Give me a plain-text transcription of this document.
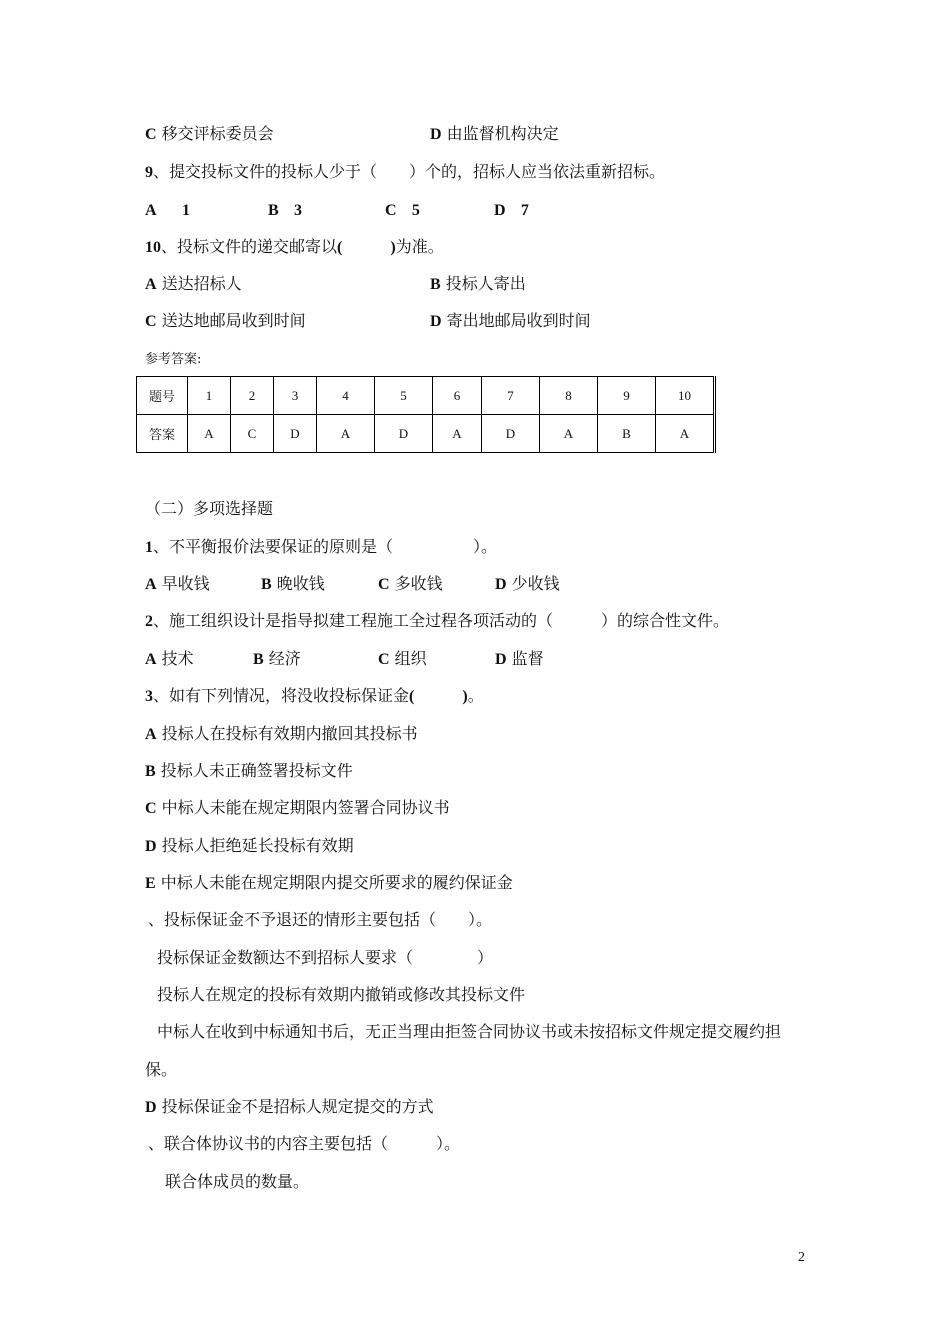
C 移交评标委员会	D 由监督机构决定
9、提交投标文件的投标人少于（　　）个的，招标人应当依法重新招标。
A 1	B 3	C 5	D 7
10、投标文件的递交邮寄以(　　　)为准。
A 送达招标人	B 投标人寄出
C 送达地邮局收到时间	D 寄出地邮局收到时间
参考答案:
题号	1	2	3	4	5	6	7	8	9	10
答案	A	C	D	A	D	A	D	A	B	A
（二）多项选择题
1、不平衡报价法要保证的原则是（　　　　　）。
A 早收钱	B 晚收钱	C 多收钱	D 少收钱
2、施工组织设计是指导拟建工程施工全过程各项活动的（　　　）的综合性文件。
A 技术	B 经济	C 组织	D 监督
3、如有下列情况，将没收投标保证金(　　　)。
A 投标人在投标有效期内撤回其投标书
B 投标人未正确签署投标文件
C 中标人未能在规定期限内签署合同协议书
D 投标人拒绝延长投标有效期
E 中标人未能在规定期限内提交所要求的履约保证金
、投标保证金不予退还的情形主要包括（　　）。
投标保证金数额达不到招标人要求（　　　　）
投标人在规定的投标有效期内撤销或修改其投标文件
中标人在收到中标通知书后，无正当理由拒签合同协议书或未按招标文件规定提交履约担
保。
D 投标保证金不是招标人规定提交的方式
、联合体协议书的内容主要包括（　　　）。
联合体成员的数量。
2
